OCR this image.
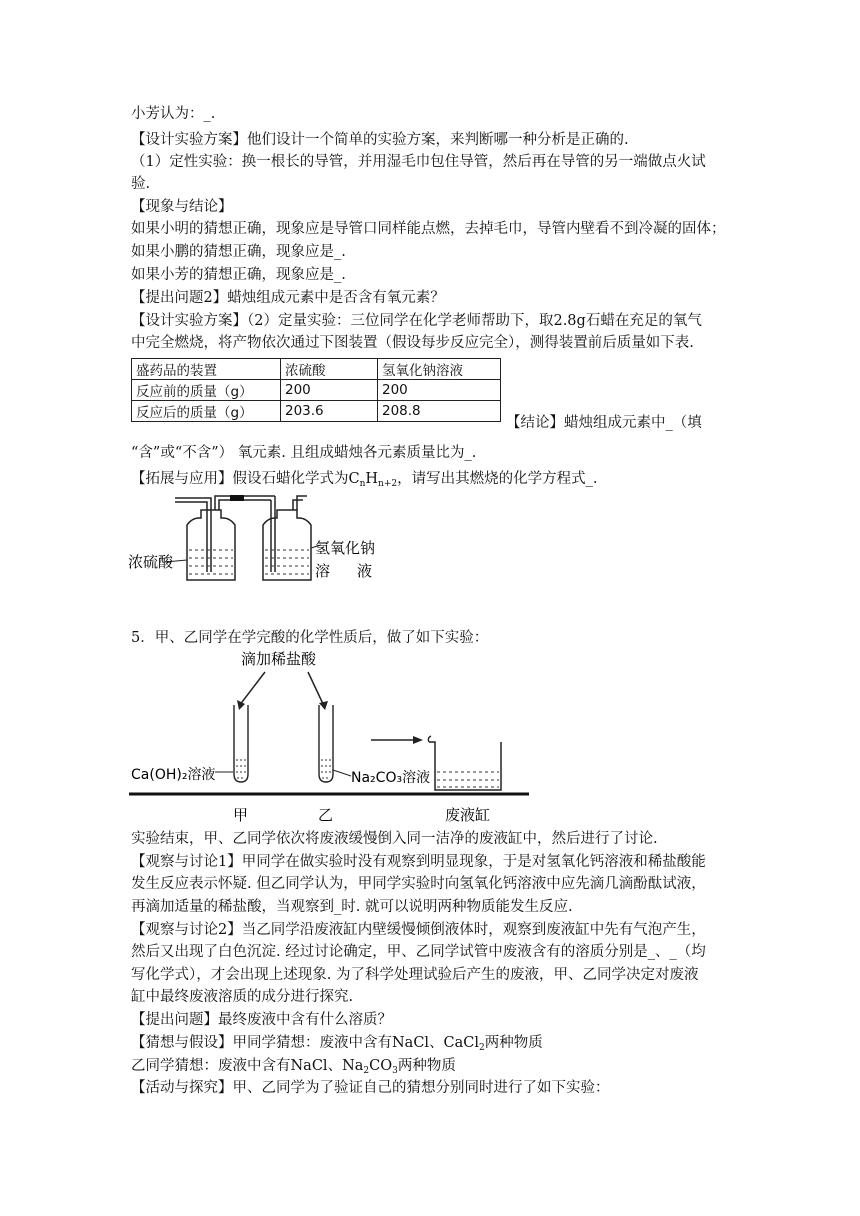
小芳认为：_.
【设计实验方案】他们设计一个简单的实验方案，来判断哪一种分析是正确的.
（1）定性实验：换一根长的导管，并用湿毛巾包住导管，然后再在导管的另一端做点火试
验.
【现象与结论】
如果小明的猜想正确，现象应是导管口同样能点燃，去掉毛巾，导管内壁看不到冷凝的固体；
如果小鹏的猜想正确，现象应是_.
如果小芳的猜想正确，现象应是_.
【提出问题2】蜡烛组成元素中是否含有氧元素？
【设计实验方案】（2）定量实验：三位同学在化学老师帮助下，取2.8g石蜡在充足的氧气
中完全燃烧，将产物依次通过下图装置（假设每步反应完全），测得装置前后质量如下表.
盛药品的装置	浓硫酸	氢氧化钠溶液
反应前的质量（g）	200	200
反应后的质量（g）	203.6	208.8
【结论】蜡烛组成元素中_（填
“含”或“不含”） 氧元素. 且组成蜡烛各元素质量比为_.
【拓展与应用】假设石蜡化学式为$C_nH_{n+2}$，请写出其燃烧的化学方程式_.
浓硫酸
氢氧化钠
溶 液
5．甲、乙同学在学完酸的化学性质后，做了如下实验：
滴加稀盐酸
Ca(OH)₂溶液	Na₂CO₃溶液
甲	乙	废液缸
实验结束，甲、乙同学依次将废液缓慢倒入同一洁净的废液缸中，然后进行了讨论.
【观察与讨论1】甲同学在做实验时没有观察到明显现象，于是对氢氧化钙溶液和稀盐酸能
发生反应表示怀疑. 但乙同学认为，甲同学实验时向氢氧化钙溶液中应先滴几滴酚酞试液，
再滴加适量的稀盐酸，当观察到_时. 就可以说明两种物质能发生反应.
【观察与讨论2】当乙同学沿废液缸内壁缓慢倾倒液体时，观察到废液缸中先有气泡产生，
然后又出现了白色沉淀. 经过讨论确定，甲、乙同学试管中废液含有的溶质分别是_、_（均
写化学式），才会出现上述现象. 为了科学处理试验后产生的废液，甲、乙同学决定对废液
缸中最终废液溶质的成分进行探究.
【提出问题】最终废液中含有什么溶质？
【猜想与假设】甲同学猜想：废液中含有NaCl、CaCl$_2$两种物质
乙同学猜想：废液中含有NaCl、$Na_2CO_3$两种物质
【活动与探究】甲、乙同学为了验证自己的猜想分别同时进行了如下实验：
